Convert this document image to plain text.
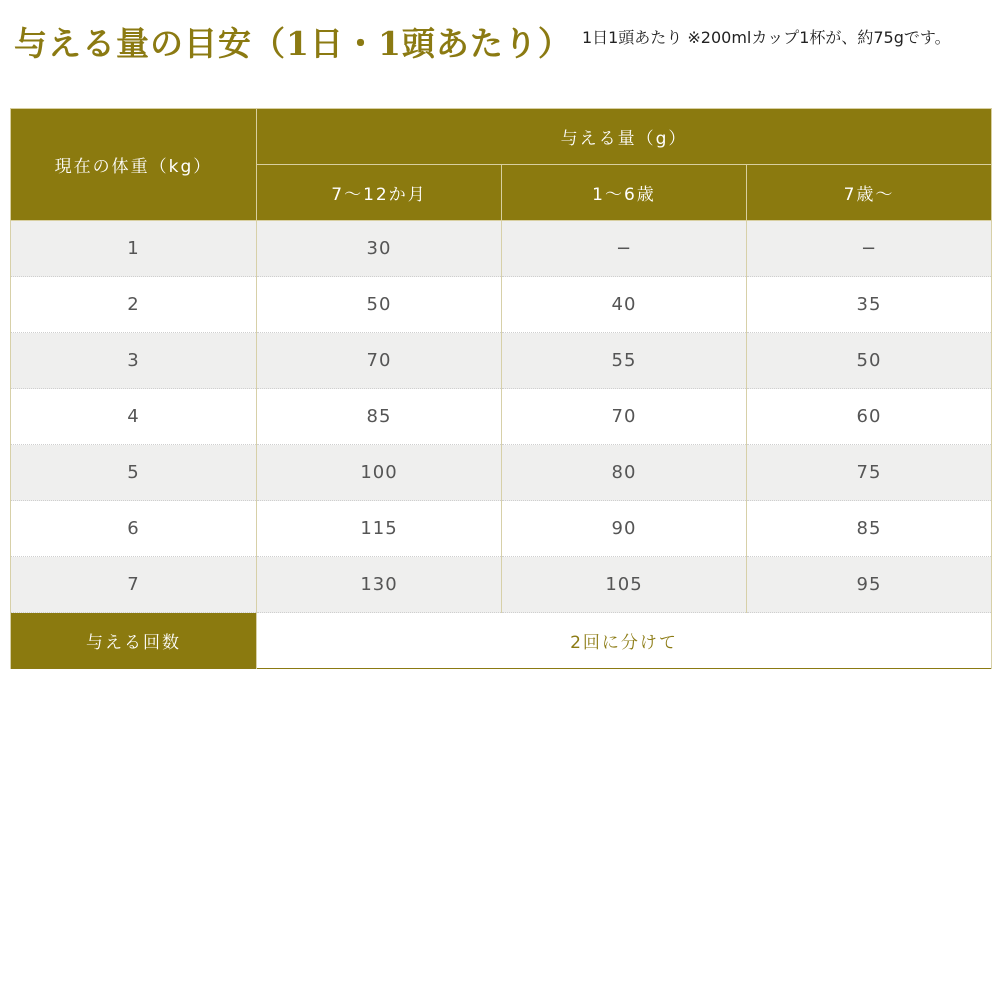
与える量の目安（1日・1頭あたり） 1日1頭あたり ※200mlカップ1杯が、約75gです。
現在の体重（kg）	与える量（g）		
	7〜12か月	1〜6歳	7歳〜
1	30	−	−
2	50	40	35
3	70	55	50
4	85	70	60
5	100	80	75
6	115	90	85
7	130	105	95
与える回数	2回に分けて		
